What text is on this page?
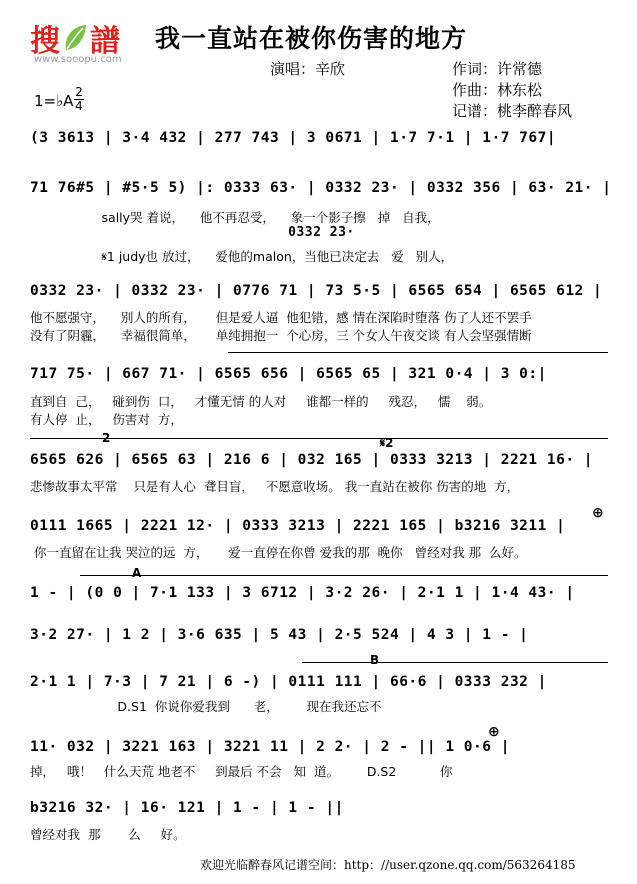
搜 譜
www.sooopu.com
我一直站在被你伤害的地方
演唱：辛欣	作词：许常德
作曲：林东松
记谱：桃李醉春风
1=♭A 2
4
(3 3613 | 3·4 432 | 277 743 | 3 0671 | 1·7 7·1 | 1·7 767|
71 76#5 | #5·5 5) |: 0333 63· | 0332 23· | 0332 356 | 63· 21· |
sally哭 着说，    他不再忍受，    象一个影子擦   掉   自我，
0332 23·
𝄋1 judy也 放过，    爱他的malon，当他已决定去   爱   别人，
0332 23· | 0332 23· | 0776 71 | 73 5·5 | 6565 654 | 6565 612 |
他不愿强守，    别人的所有，     但是爱人逼  他犯错，感 情在深陷时堕落 伤了人还不罢手
没有了阴霾，    幸福很简单，     单纯拥抱一  个心房，三 个女人午夜交谈 有人会坚强情断
717 75· | 667 71· | 6565 656 | 6565 65 | 321 0·4 | 3 0:|
直到自  己，   碰到伤  口，   才懂无情 的人对     谁都一样的     残忍，   懦    弱。
有人停  止，   伤害对  方，
2	𝄋2
6565 626 | 6565 63 | 216 6 | 032 165 | 0333 3213 | 2221 16· |
悲惨故事太平常    只是有人心  聋目盲，   不愿意收场。 我一直站在被你 伤害的地  方，
⊕
0111 1665 | 2221 12· | 0333 3213 | 2221 165 | b3216 3211 |
你一直留在让我 哭泣的远  方，     爱一直停在你曾 爱我的那  晚你   曾经对我 那  么好。
A
1 - | (0 0 | 7·1 133 | 3 6712 | 3·2 26· | 2·1 1 | 1·4 43· |
3·2 27· | 1 2 | 3·6 635 | 5 43 | 2·5 524 | 4 3 | 1 - |
B
2·1 1 | 7·3 | 7 21 | 6 -) | 0111 111 | 66·6 | 0333 232 |
D.S1  你说你爱我到      老，       现在我还忘不
⊕
11· 032 | 3221 163 | 3221 11 | 2 2· | 2 - || 1 0·6 |
掉，   哦！   什么天荒 地老不     到最后 不会   知  道。       D.S2           你
b3216 32· | 16· 121 | 1 - | 1 - ||
曾经对我  那       么     好。
欢迎光临醉春风记谱空间：http：//user.qzone.qq.com/563264185
